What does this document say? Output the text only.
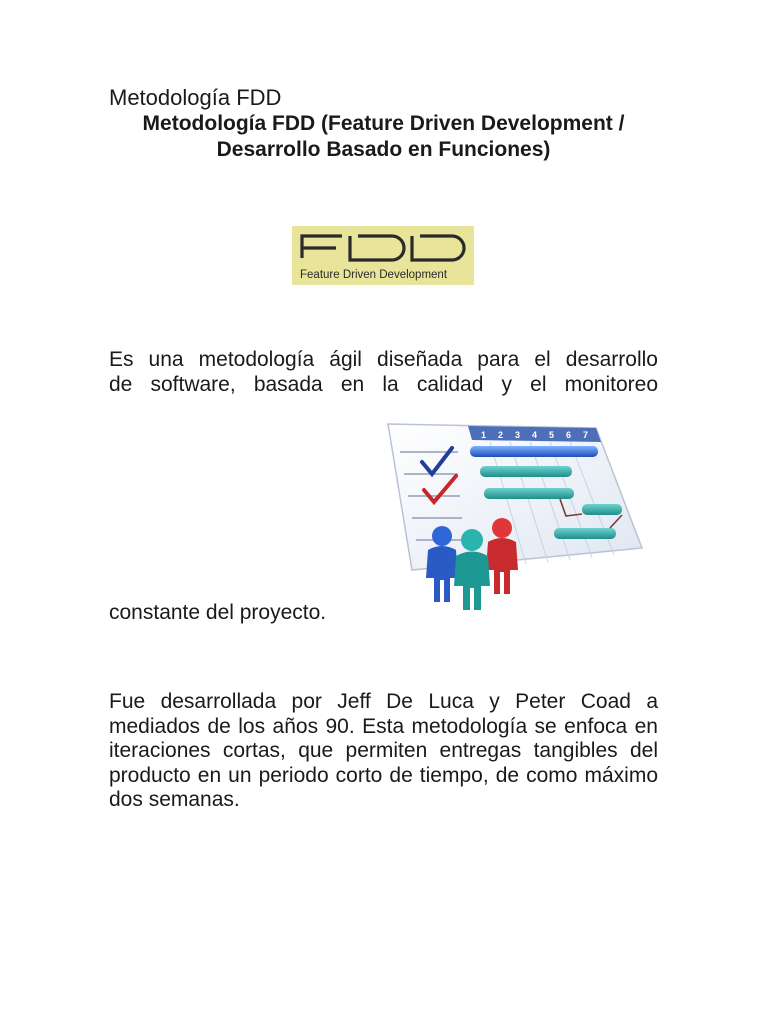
Metodología FDD

Metodología FDD (Feature Driven Development / Desarrollo Basado en Funciones)
Feature Driven Development

Es una metodología ágil diseñada para el desarrollo
de software, basada en la calidad y el monitoreo

1 2 3 4 5 6 7

constante del proyecto.

Fue desarrollada por Jeff De Luca y Peter Coad a mediados de los años 90. Esta metodología se enfoca en iteraciones cortas, que permiten entregas tangibles del producto en un periodo corto de tiempo, de como máximo dos semanas.
